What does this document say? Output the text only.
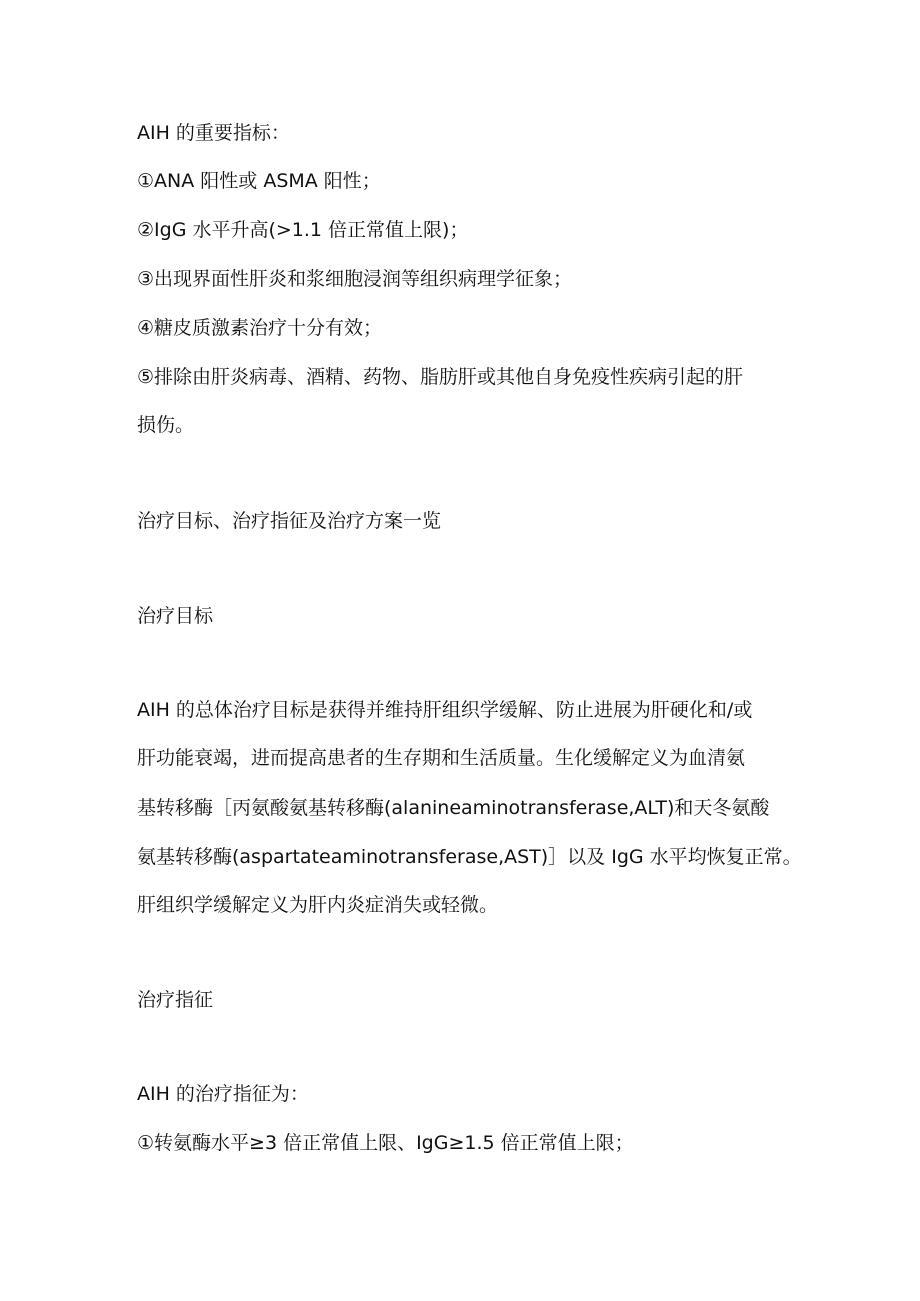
AIH 的重要指标：
①ANA 阳性或 ASMA 阳性；
②IgG 水平升高(>1.1 倍正常值上限)；
③出现界面性肝炎和浆细胞浸润等组织病理学征象；
④糖皮质激素治疗十分有效；
⑤排除由肝炎病毒、酒精、药物、脂肪肝或其他自身免疫性疾病引起的肝
损伤。
治疗目标、治疗指征及治疗方案一览
治疗目标
AIH 的总体治疗目标是获得并维持肝组织学缓解、防止进展为肝硬化和/或
肝功能衰竭，进而提高患者的生存期和生活质量。生化缓解定义为血清氨
基转移酶［丙氨酸氨基转移酶(alanineaminotransferase,ALT)和天冬氨酸
氨基转移酶(aspartateaminotransferase,AST)］以及 IgG 水平均恢复正常。
肝组织学缓解定义为肝内炎症消失或轻微。
治疗指征
AIH 的治疗指征为：
①转氨酶水平≥3 倍正常值上限、IgG≥1.5 倍正常值上限；
